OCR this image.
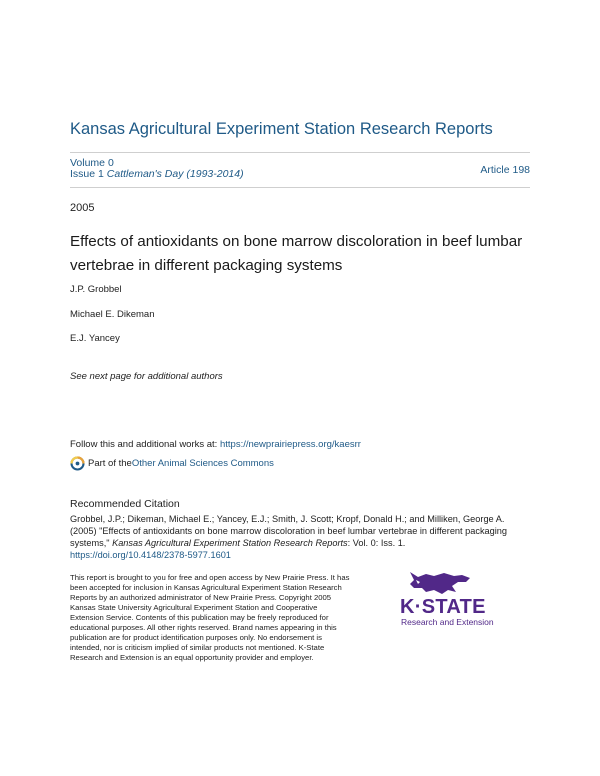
Kansas Agricultural Experiment Station Research Reports
Volume 0
Issue 1 Cattleman's Day (1993-2014)	Article 198
2005
Effects of antioxidants on bone marrow discoloration in beef lumbar vertebrae in different packaging systems
J.P. Grobbel
Michael E. Dikeman
E.J. Yancey
See next page for additional authors
Follow this and additional works at: https://newprairiepress.org/kaesrr
Part of the Other Animal Sciences Commons
Recommended Citation
Grobbel, J.P.; Dikeman, Michael E.; Yancey, E.J.; Smith, J. Scott; Kropf, Donald H.; and Milliken, George A. (2005) "Effects of antioxidants on bone marrow discoloration in beef lumbar vertebrae in different packaging systems," Kansas Agricultural Experiment Station Research Reports: Vol. 0: Iss. 1.
https://doi.org/10.4148/2378-5977.1601
This report is brought to you for free and open access by New Prairie Press. It has been accepted for inclusion in Kansas Agricultural Experiment Station Research Reports by an authorized administrator of New Prairie Press. Copyright 2005 Kansas State University Agricultural Experiment Station and Cooperative Extension Service. Contents of this publication may be freely reproduced for educational purposes. All other rights reserved. Brand names appearing in this publication are for product identification purposes only. No endorsement is intended, nor is criticism implied of similar products not mentioned. K-State Research and Extension is an equal opportunity provider and employer.
K·STATE
Research and Extension
